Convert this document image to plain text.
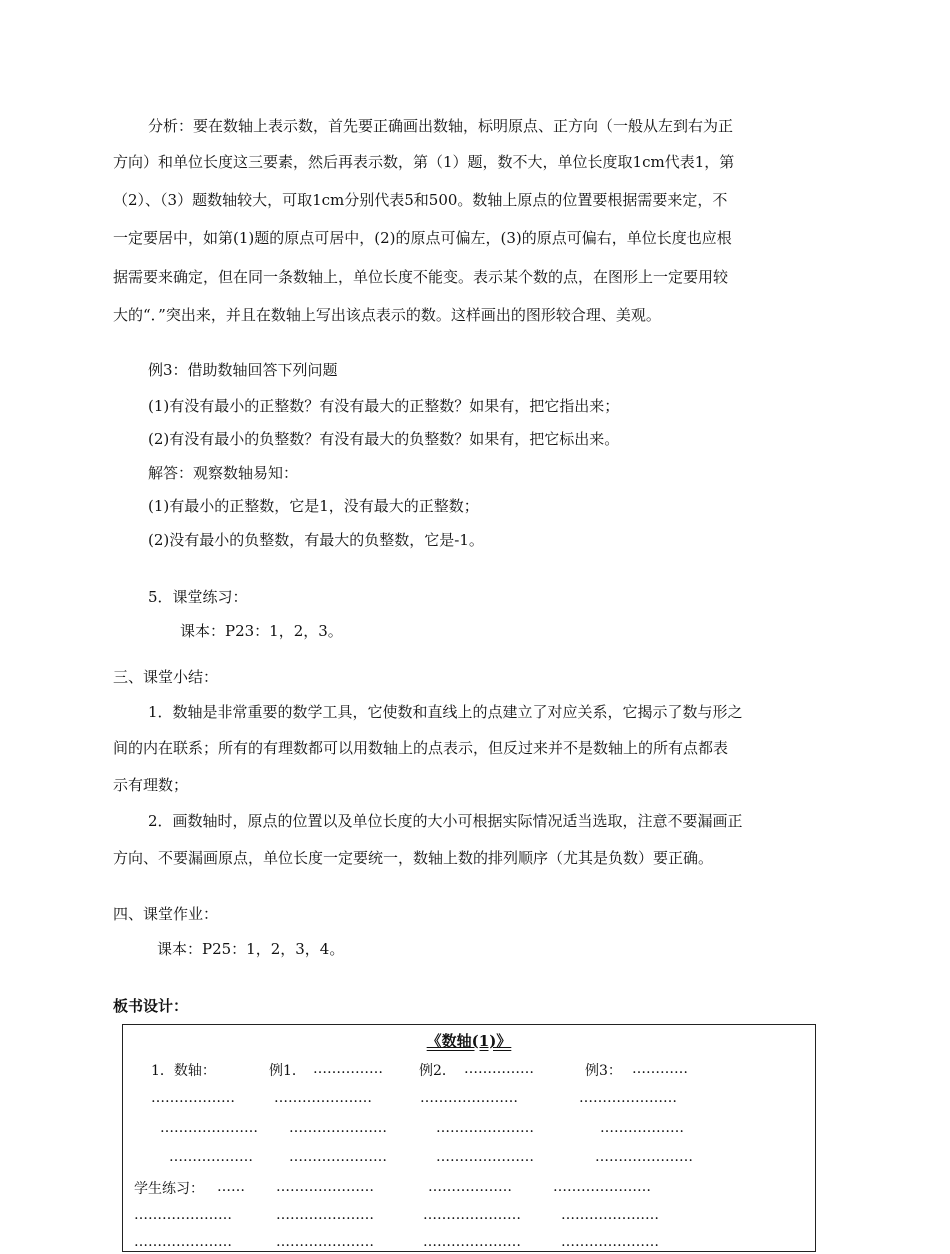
分析：要在数轴上表示数，首先要正确画出数轴，标明原点、正方向（一般从左到右为正
方向）和单位长度这三要素，然后再表示数，第（1）题，数不大，单位长度取1cm代表1，第
（2）、（3）题数轴较大，可取1cm分别代表5和500。数轴上原点的位置要根据需要来定，不
一定要居中，如第(1)题的原点可居中，(2)的原点可偏左，(3)的原点可偏右，单位长度也应根
据需要来确定，但在同一条数轴上，单位长度不能变。表示某个数的点，在图形上一定要用较
大的“．”突出来，并且在数轴上写出该点表示的数。这样画出的图形较合理、美观。
例3：借助数轴回答下列问题
(1)有没有最小的正整数？有没有最大的正整数？如果有，把它指出来；
(2)有没有最小的负整数？有没有最大的负整数？如果有，把它标出来。
解答：观察数轴易知：
(1)有最小的正整数，它是1，没有最大的正整数；
(2)没有最小的负整数，有最大的负整数，它是-1。
5．课堂练习：
课本：P23：1，2，3。
三、课堂小结：
1．数轴是非常重要的数学工具，它使数和直线上的点建立了对应关系，它揭示了数与形之
间的内在联系；所有的有理数都可以用数轴上的点表示，但反过来并不是数轴上的所有点都表
示有理数；
2．画数轴时，原点的位置以及单位长度的大小可根据实际情况适当选取，注意不要漏画正
方向、不要漏画原点，单位长度一定要统一，数轴上数的排列顺序（尤其是负数）要正确。
四、课堂作业：
课本：P25：1，2，3，4。
板书设计：
《数轴(1)》
1．数轴：	例1． ……………	例2． ……………	例3： …………
………………	…………………	…………………	…………………
………………… …………………	…………………	………………
………………	…………………	…………………	…………………
学生练习： …… …………………	………………	…………………
…………………	…………………	…………………	…………………
…………………	…………………	…………………	…………………
